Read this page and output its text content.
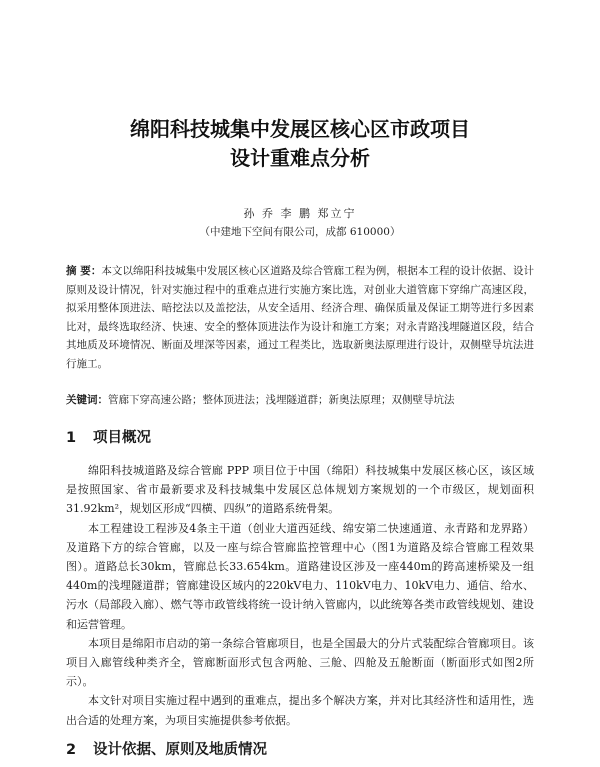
绵阳科技城集中发展区核心区市政项目
设计重难点分析
孙 乔 李 鹏 郑立宁
（中建地下空间有限公司，成都 610000）
摘 要：本文以绵阳科技城集中发展区核心区道路及综合管廊工程为例，根据本工程的设计依据、设计原则及设计情况，针对实施过程中的重难点进行实施方案比选，对创业大道管廊下穿绵广高速区段，拟采用整体顶进法、暗挖法以及盖挖法，从安全适用、经济合理、确保质量及保证工期等进行多因素比对，最终选取经济、快速、安全的整体顶进法作为设计和施工方案；对永青路浅埋隧道区段，结合其地质及环境情况、断面及埋深等因素，通过工程类比，选取新奥法原理进行设计，双侧壁导坑法进行施工。
关键词：管廊下穿高速公路；整体顶进法；浅埋隧道群；新奥法原理；双侧壁导坑法
1 项目概况

绵阳科技城道路及综合管廊 PPP 项目位于中国（绵阳）科技城集中发展区核心区，该区域是按照国家、省市最新要求及科技城集中发展区总体规划方案规划的一个市级区，规划面积31.92km²，规划区形成“四横、四纵”的道路系统骨架。

本工程建设工程涉及4条主干道（创业大道西延线、绵安第二快速通道、永青路和龙界路）及道路下方的综合管廊，以及一座与综合管廊监控管理中心（图1为道路及综合管廊工程效果图）。道路总长30km，管廊总长33.654km。道路建设区涉及一座440m的跨高速桥梁及一组440m的浅埋隧道群；管廊建设区域内的220kV电力、110kV电力、10kV电力、通信、给水、污水（局部段入廊）、燃气等市政管线将统一设计纳入管廊内，以此统筹各类市政管线规划、建设和运营管理。

本项目是绵阳市启动的第一条综合管廊项目，也是全国最大的分片式装配综合管廊项目。该项目入廊管线种类齐全，管廊断面形式包含两舱、三舱、四舱及五舱断面（断面形式如图2所示）。

本文针对项目实施过程中遇到的重难点，提出多个解决方案，并对比其经济性和适用性，选出合适的处理方案，为项目实施提供参考依据。

2 设计依据、原则及地质情况
